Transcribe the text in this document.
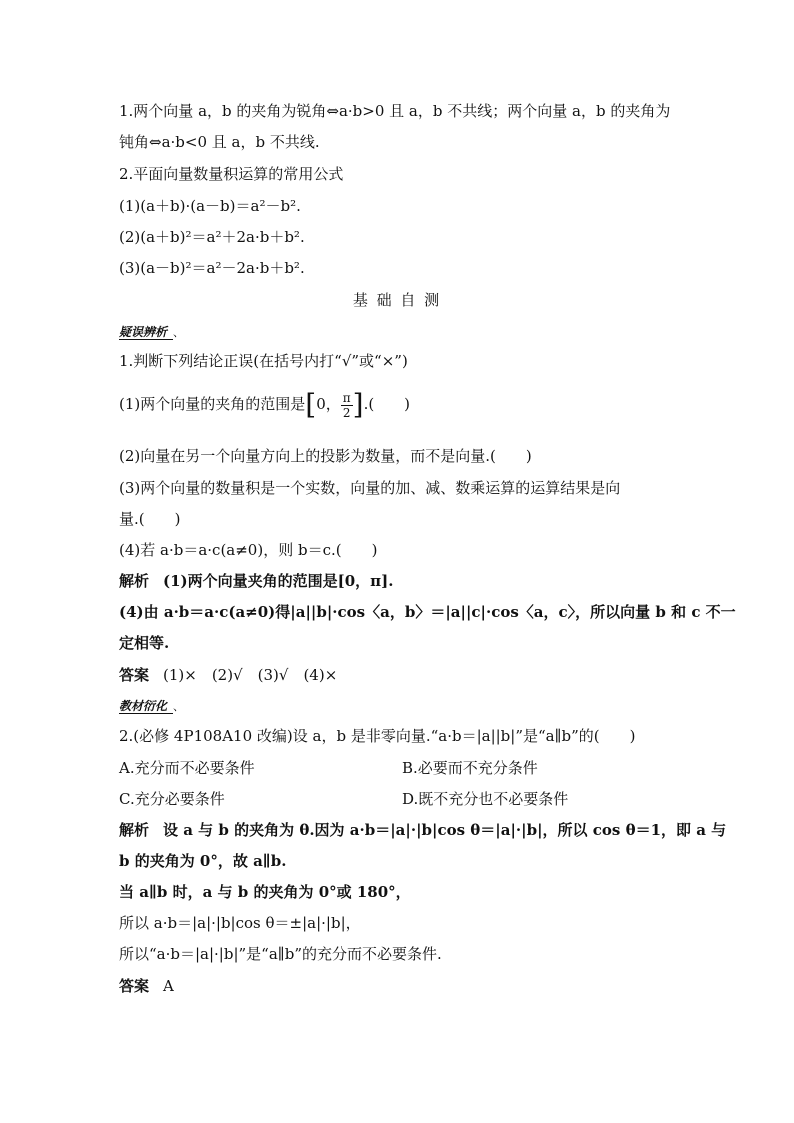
1.两个向量 a，b 的夹角为锐角⇔a·b>0 且 a，b 不共线；两个向量 a，b 的夹角为
钝角⇔a·b<0 且 a，b 不共线.
2.平面向量数量积运算的常用公式
(1)(a＋b)·(a－b)＝a²－b².
(2)(a＋b)²＝a²＋2a·b＋b².
(3)(a－b)²＝a²－2a·b＋b².
基 础 自 测
疑误辨析 、
1.判断下列结论正误(在括号内打“√”或“×”)
(1)两个向量的夹角的范围是[0， $\frac{\pi}{2}$ ].(　　)
(2)向量在另一个向量方向上的投影为数量，而不是向量.(　　)
(3)两个向量的数量积是一个实数，向量的加、减、数乘运算的运算结果是向
量.(　　)
(4)若 a·b＝a·c(a≠0)，则 b＝c.(　　)
解析 (1)两个向量夹角的范围是[0，π].
(4)由 a·b＝a·c(a≠0)得|a||b|·cos〈a，b〉＝|a||c|·cos〈a，c〉，所以向量 b 和 c 不一
定相等.
答案 (1)×　(2)√　(3)√　(4)×
教材衍化 、
2.(必修 4P108A10 改编)设 a，b 是非零向量.“a·b＝|a||b|”是“a∥b”的(　　)
A.充分而不必要条件	B.必要而不充分条件
C.充分必要条件	D.既不充分也不必要条件
解析 设 a 与 b 的夹角为 θ.因为 a·b＝|a|·|b|cos θ＝|a|·|b|，所以 cos θ＝1，即 a 与
b 的夹角为 0°，故 a∥b.
当 a∥b 时，a 与 b 的夹角为 0°或 180°，
所以 a·b＝|a|·|b|cos θ＝±|a|·|b|，
所以“a·b＝|a|·|b|”是“a∥b”的充分而不必要条件.
答案 A
